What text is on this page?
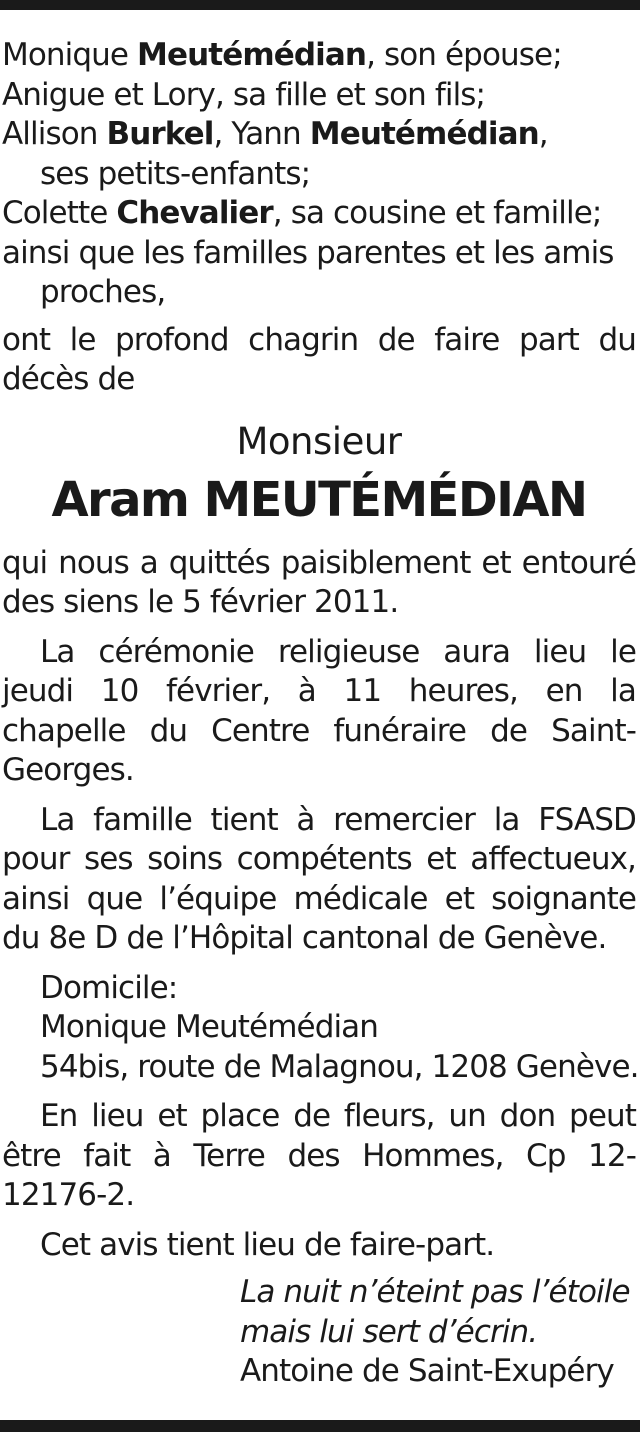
Monique Meutémédian, son épouse;
Anigue et Lory, sa fille et son fils;
Allison Burkel, Yann Meutémédian,
ses petits-enfants;
Colette Chevalier, sa cousine et famille;
ainsi que les familles parentes et les amis
proches,
ont le profond chagrin de faire part du décès de
Monsieur
Aram MEUTÉMÉDIAN
qui nous a quittés paisiblement et entouré des siens le 5 février 2011.
La cérémonie religieuse aura lieu le jeudi 10 février, à 11 heures, en la chapelle du Centre funéraire de Saint-Georges.
La famille tient à remercier la FSASD pour ses soins compétents et affectueux, ainsi que l’équipe médicale et soignante du 8e D de l’Hôpital cantonal de Genève.
Domicile:
Monique Meutémédian
54bis, route de Malagnou, 1208 Genève.
En lieu et place de fleurs, un don peut être fait à Terre des Hommes, Cp 12-12176-2.
Cet avis tient lieu de faire-part.
La nuit n’éteint pas l’étoile
mais lui sert d’écrin.
Antoine de Saint-Exupéry
